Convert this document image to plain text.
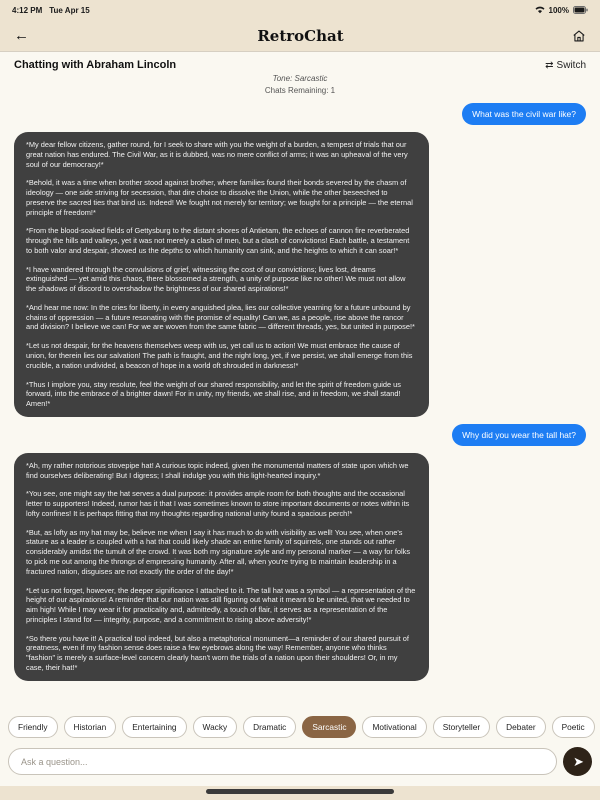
4:12 PM Tue Apr 15	100%
←	RetroChat
Chatting with Abraham Lincoln	⇄ Switch
Tone: Sarcastic
Chats Remaining: 1
What was the civil war like?

*My dear fellow citizens, gather round, for I seek to share with you the weight of a burden, a tempest of trials that our great nation has endured. The Civil War, as it is dubbed, was no mere conflict of arms; it was an upheaval of the very soul of our democracy!*

*Behold, it was a time when brother stood against brother, where families found their bonds severed by the chasm of ideology — one side striving for secession, that dire choice to dissolve the Union, while the other beseeched to preserve the sacred ties that bind us. Indeed! We fought not merely for territory; we fought for a principle — the eternal principle of freedom!*

*From the blood-soaked fields of Gettysburg to the distant shores of Antietam, the echoes of cannon fire reverberated through the hills and valleys, yet it was not merely a clash of men, but a clash of convictions! Each battle, a testament to both valor and despair, showed us the depths to which humanity can sink, and the heights to which it can soar!*

*I have wandered through the convulsions of grief, witnessing the cost of our convictions; lives lost, dreams extinguished — yet amid this chaos, there blossomed a strength, a unity of purpose like no other! We must not allow the shadows of discord to overshadow the brightness of our shared aspirations!*

*And hear me now: In the cries for liberty, in every anguished plea, lies our collective yearning for a future unbound by chains of oppression — a future resonating with the promise of equality! Can we, as a people, rise above the rancor and division? I believe we can! For we are woven from the same fabric — different threads, yes, but united in purpose!*

*Let us not despair, for the heavens themselves weep with us, yet call us to action! We must embrace the cause of union, for therein lies our salvation! The path is fraught, and the night long, yet, if we persist, we shall emerge from this crucible, a nation undivided, a beacon of hope in a world oft shrouded in darkness!*

*Thus I implore you, stay resolute, feel the weight of our shared responsibility, and let the spirit of freedom guide us forward, into the embrace of a brighter dawn! For in unity, my friends, we shall rise, and in freedom, we shall stand! Amen!*

Why did you wear the tall hat?

*Ah, my rather notorious stovepipe hat! A curious topic indeed, given the monumental matters of state upon which we find ourselves deliberating! But I digress; I shall indulge you with this light-hearted inquiry.*

*You see, one might say the hat serves a dual purpose: it provides ample room for both thoughts and the occasional letter to supporters! Indeed, rumor has it that I was sometimes known to store important documents or notes within its lofty confines! It is perhaps fitting that my thoughts regarding national unity found a spacious perch!*

*But, as lofty as my hat may be, believe me when I say it has much to do with visibility as well! You see, when one's stature as a leader is coupled with a hat that could likely shade an entire family of squirrels, one stands out rather considerably amidst the tumult of the crowd. It was both my signature style and my personal marker — a way for folks to pick me out among the throngs of empressing humanity. After all, when you're trying to maintain leadership in a fractured nation, disguises are not exactly the order of the day!*

*Let us not forget, however, the deeper significance I attached to it. The tall hat was a symbol — a representation of the height of our aspirations! A reminder that our nation was still figuring out what it meant to be united, that we needed to aim high! While I may wear it for practicality and, admittedly, a touch of flair, it serves as a representation of the principles I stand for — integrity, purpose, and a commitment to rising above adversity!*

*So there you have it! A practical tool indeed, but also a metaphorical monument—a reminder of our shared pursuit of greatness, even if my fashion sense does raise a few eyebrows along the way! Remember, anyone who thinks "fashion" is merely a surface-level concern clearly hasn't worn the trials of a nation upon their shoulders! Or, in my case, their hat!*

Friendly	Historian	Entertaining	Wacky	Dramatic	Sarcastic	Motivational	Storyteller	Debater	Poetic
Ask a question...
➤
